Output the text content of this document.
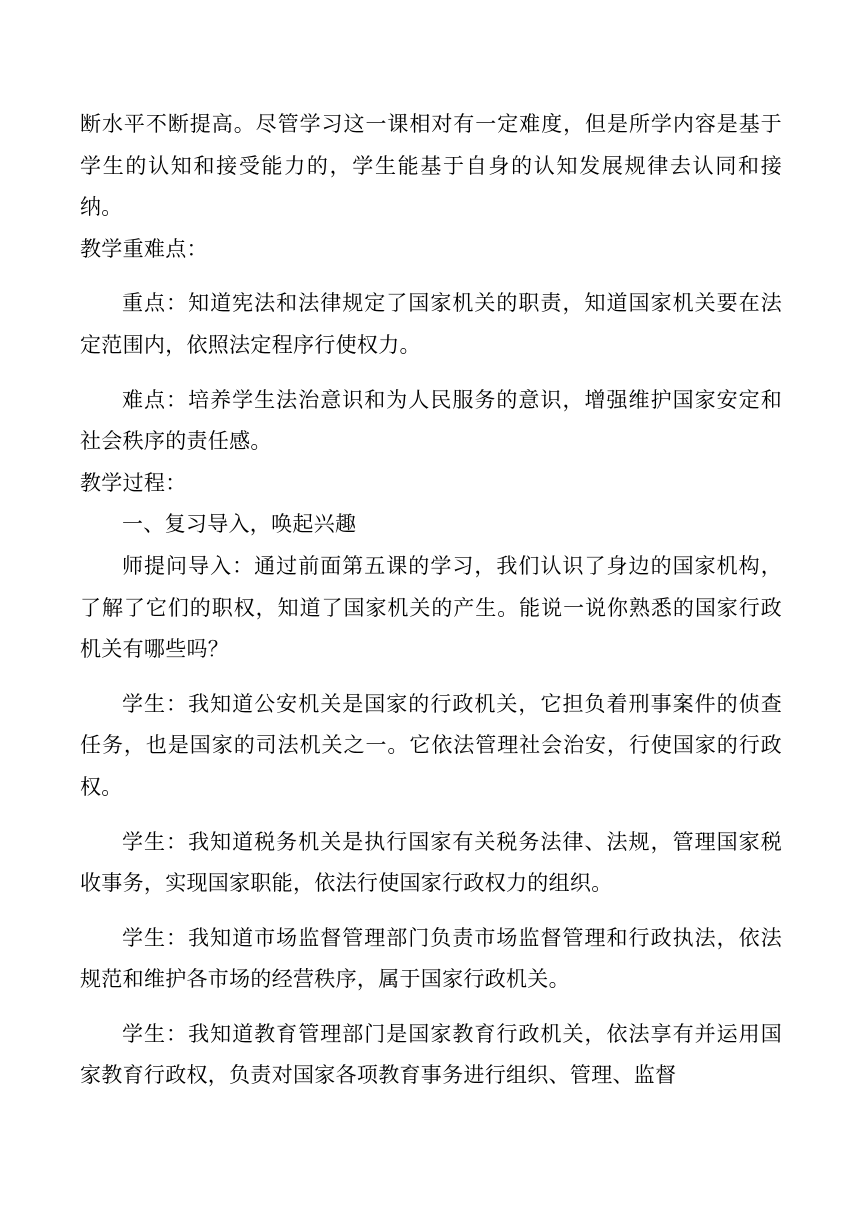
断水平不断提高。尽管学习这一课相对有一定难度，但是所学内容是基于学生的认知和接受能力的，学生能基于自身的认知发展规律去认同和接纳。

教学重难点：

重点：知道宪法和法律规定了国家机关的职责，知道国家机关要在法定范围内，依照法定程序行使权力。

难点：培养学生法治意识和为人民服务的意识，增强维护国家安定和社会秩序的责任感。

教学过程：

一、复习导入，唤起兴趣

师提问导入：通过前面第五课的学习，我们认识了身边的国家机构，了解了它们的职权，知道了国家机关的产生。能说一说你熟悉的国家行政机关有哪些吗？

学生：我知道公安机关是国家的行政机关，它担负着刑事案件的侦查任务，也是国家的司法机关之一。它依法管理社会治安，行使国家的行政权。

学生：我知道税务机关是执行国家有关税务法律、法规，管理国家税收事务，实现国家职能，依法行使国家行政权力的组织。

学生：我知道市场监督管理部门负责市场监督管理和行政执法，依法规范和维护各市场的经营秩序，属于国家行政机关。

学生：我知道教育管理部门是国家教育行政机关，依法享有并运用国家教育行政权，负责对国家各项教育事务进行组织、管理、监督
